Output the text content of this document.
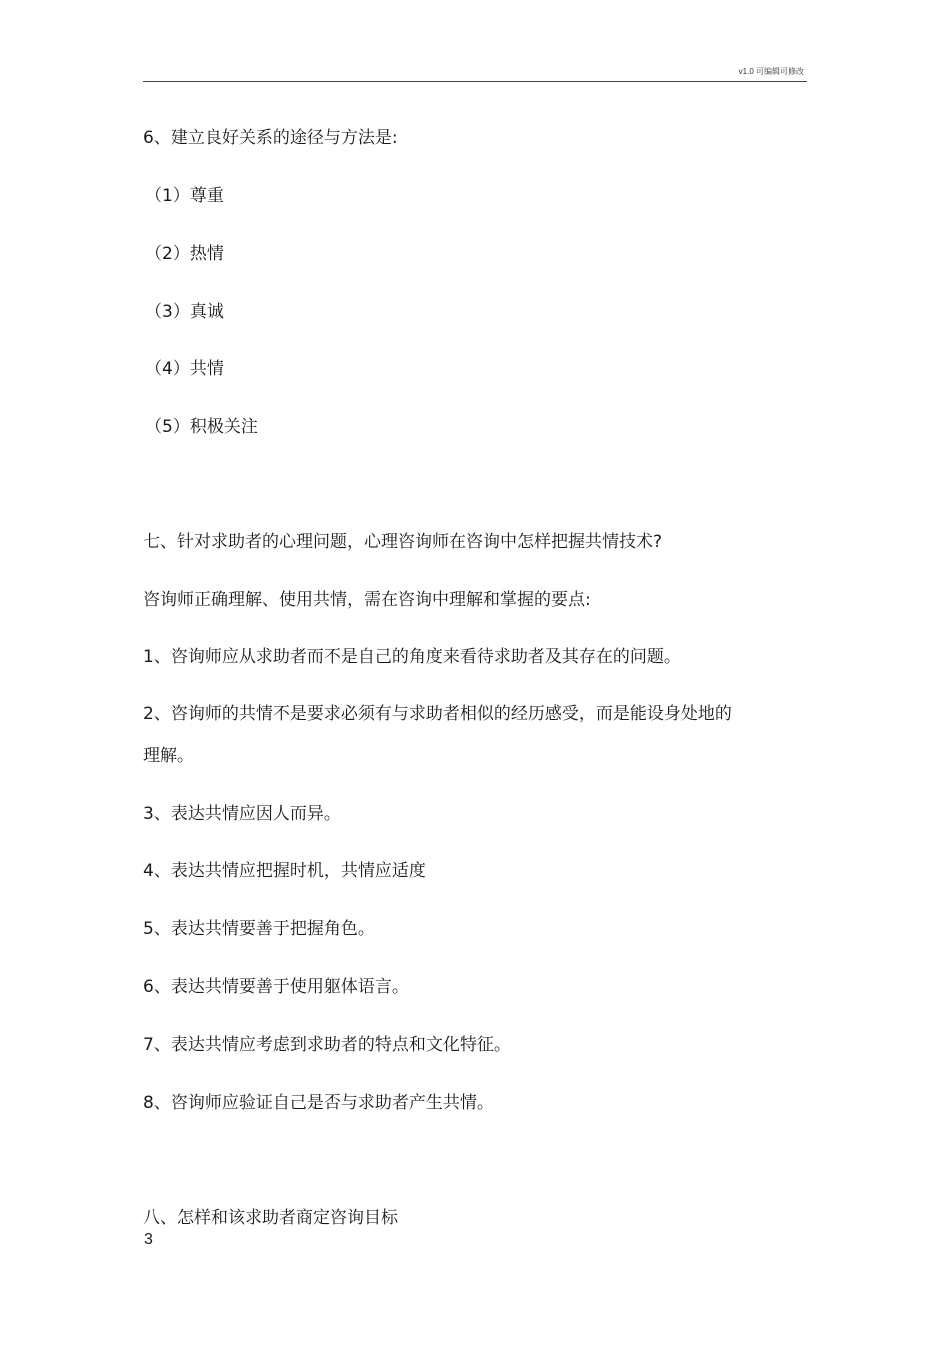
v1.0 可编辑可修改
6、建立良好关系的途径与方法是:
（1）尊重
（2）热情
（3）真诚
（4）共情
（5）积极关注
七、针对求助者的心理问题，心理咨询师在咨询中怎样把握共情技术?
咨询师正确理解、使用共情，需在咨询中理解和掌握的要点:
1、咨询师应从求助者而不是自己的角度来看待求助者及其存在的问题。
2、咨询师的共情不是要求必须有与求助者相似的经历感受，而是能设身处地的
理解。
3、表达共情应因人而异。
4、表达共情应把握时机，共情应适度
5、表达共情要善于把握角色。
6、表达共情要善于使用躯体语言。
7、表达共情应考虑到求助者的特点和文化特征。
8、咨询师应验证自己是否与求助者产生共情。
八、怎样和该求助者商定咨询目标
3
